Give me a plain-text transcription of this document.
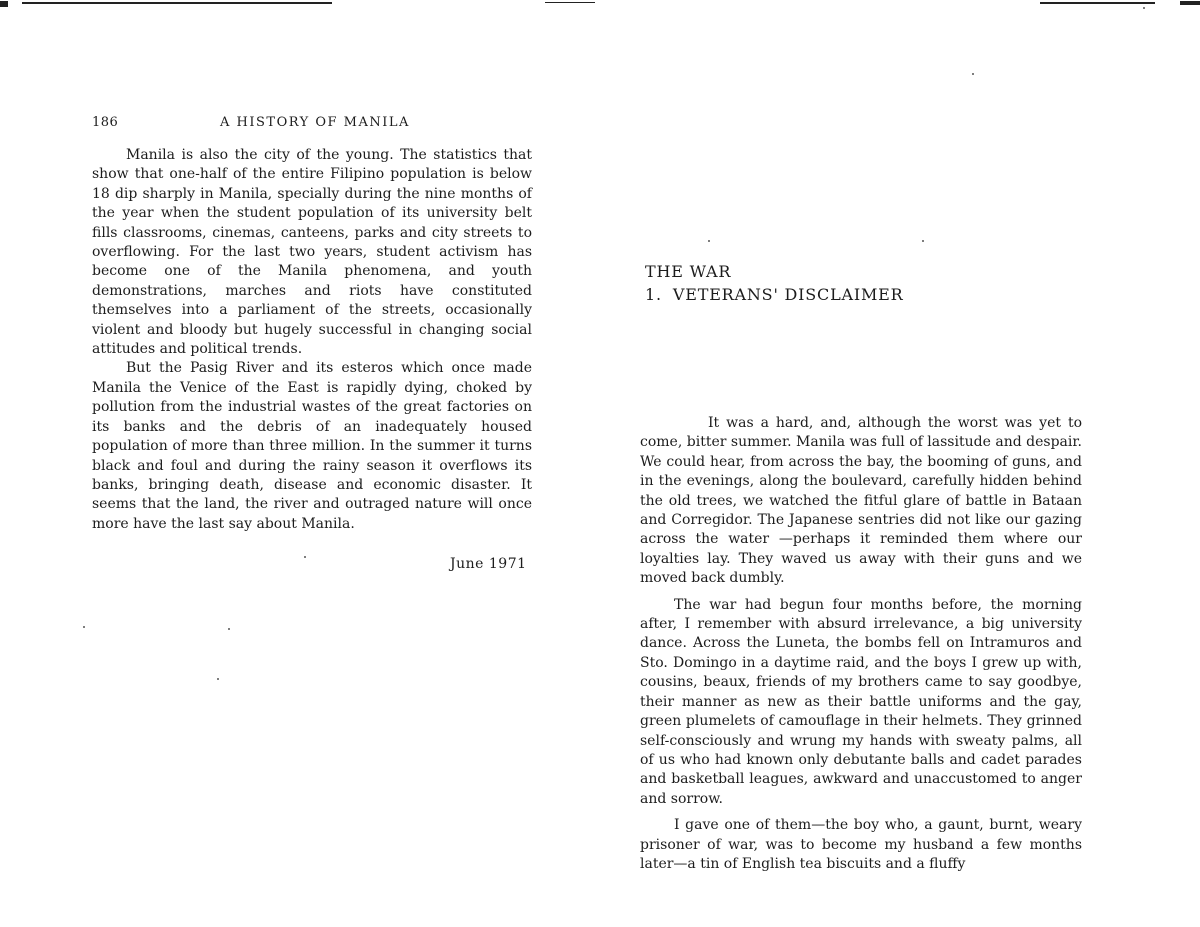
186	A HISTORY OF MANILA

Manila is also the city of the young. The statistics that show that one-half of the entire Filipino population is below 18 dip sharply in Manila, specially during the nine months of the year when the student population of its university belt fills classrooms, cinemas, canteens, parks and city streets to overflowing. For the last two years, student activism has become one of the Manila phenomena, and youth demonstrations, marches and riots have constituted themselves into a parliament of the streets, occasionally violent and bloody but hugely successful in changing social attitudes and political trends.

But the Pasig River and its esteros which once made Manila the Venice of the East is rapidly dying, choked by pollution from the industrial wastes of the great factories on its banks and the debris of an inadequately housed population of more than three million. In the summer it turns black and foul and during the rainy season it overflows its banks, bringing death, disease and economic disaster. It seems that the land, the river and outraged nature will once more have the last say about Manila.

June 1971
THE WAR
1. VETERANS' DISCLAIMER

It was a hard, and, although the worst was yet to come, bitter summer. Manila was full of lassitude and despair. We could hear, from across the bay, the booming of guns, and in the evenings, along the boulevard, carefully hidden behind the old trees, we watched the fitful glare of battle in Bataan and Corregidor. The Japanese sentries did not like our gazing across the water —perhaps it reminded them where our loyalties lay. They waved us away with their guns and we moved back dumbly.

The war had begun four months before, the morning after, I remember with absurd irrelevance, a big university dance. Across the Luneta, the bombs fell on Intramuros and Sto. Domingo in a daytime raid, and the boys I grew up with, cousins, beaux, friends of my brothers came to say goodbye, their manner as new as their battle uniforms and the gay, green plumelets of camouflage in their helmets. They grinned self-consciously and wrung my hands with sweaty palms, all of us who had known only debutante balls and cadet parades and basketball leagues, awkward and unaccustomed to anger and sorrow.

I gave one of them—the boy who, a gaunt, burnt, weary prisoner of war, was to become my husband a few months later—a tin of English tea biscuits and a fluffy
